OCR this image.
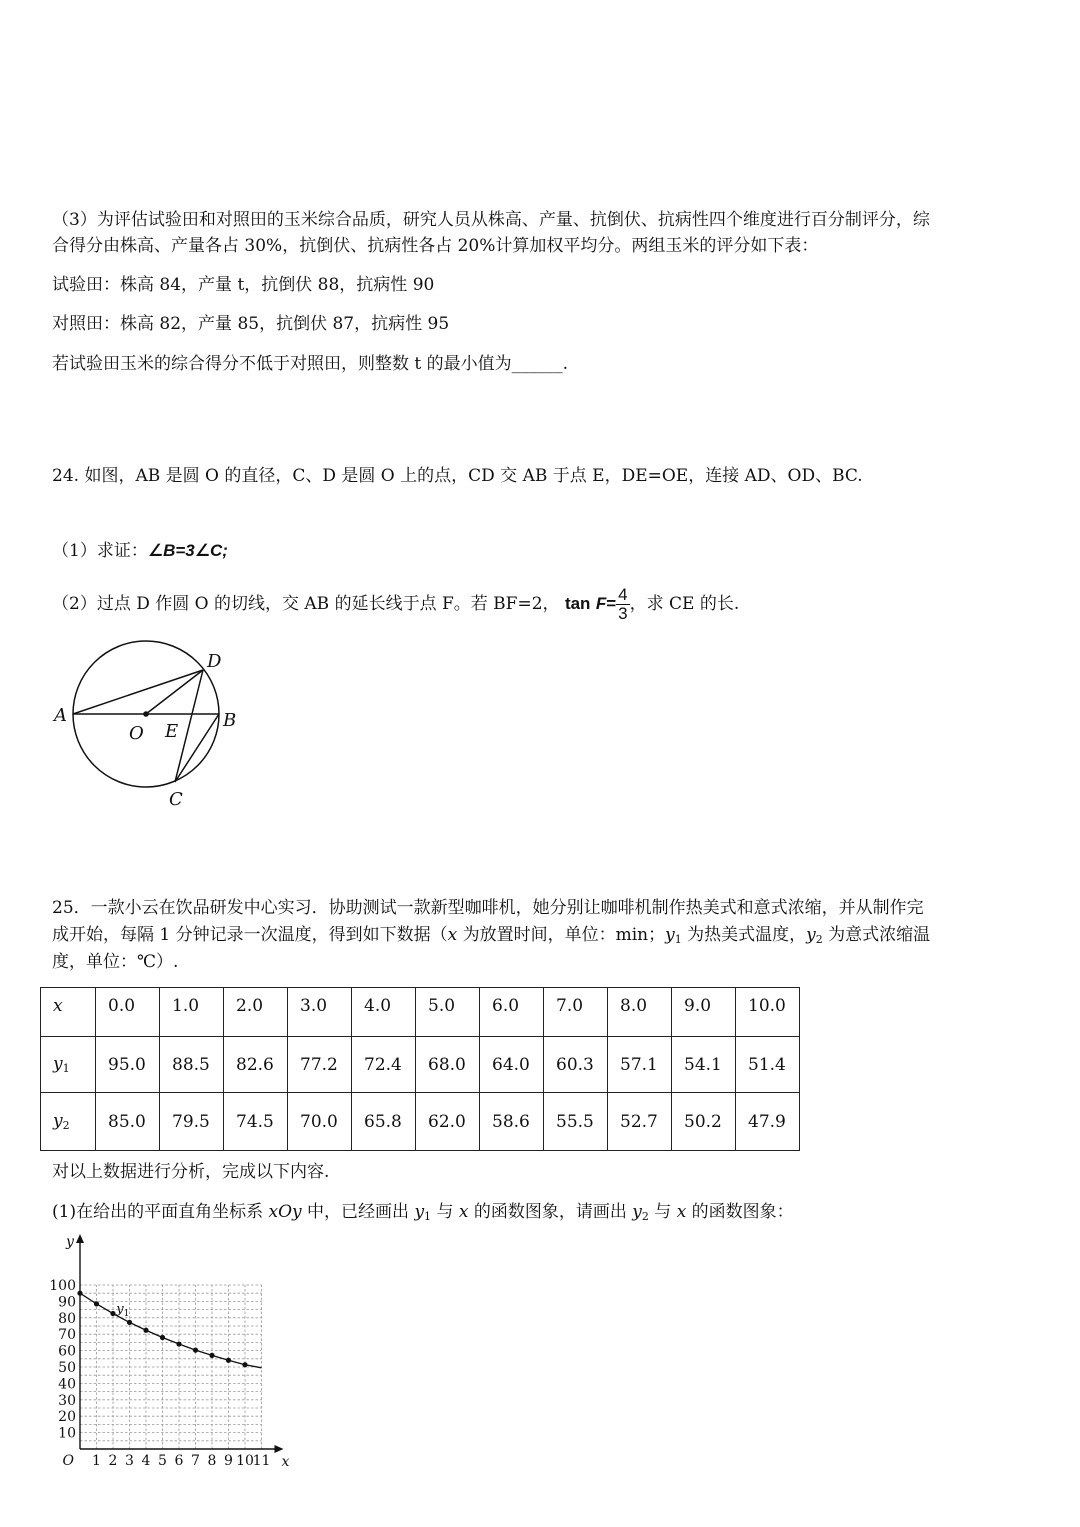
（3）为评估试验田和对照田的玉米综合品质，研究人员从株高、产量、抗倒伏、抗病性四个维度进行百分制评分，综
合得分由株高、产量各占 30%，抗倒伏、抗病性各占 20%计算加权平均分。两组玉米的评分如下表：
试验田：株高 84，产量 t，抗倒伏 88，抗病性 90
对照田：株高 82，产量 85，抗倒伏 87，抗病性 95
若试验田玉米的综合得分不低于对照田，则整数 t 的最小值为______.
24. 如图，AB 是圆 O 的直径，C、D 是圆 O 上的点，CD 交 AB 于点 E，DE=OE，连接 AD、OD、BC.
（1）求证：∠B=3∠C;
（2）过点 D 作圆 O 的切线，交 AB 的延长线于点 F。若 BF=2， $\tan F= \frac{4}{3}$ ，求 CE 的长.
A	B
C
D
O E
25．一款小云在饮品研发中心实习．协助测试一款新型咖啡机，她分别让咖啡机制作热美式和意式浓缩，并从制作完
成开始，每隔 1 分钟记录一次温度，得到如下数据（x 为放置时间，单位：min；$y_1$ 为热美式温度，$y_2$ 为意式浓缩温
度，单位：℃）.
x	0.0	1.0	2.0	3.0	4.0	5.0	6.0	7.0	8.0	9.0	10.0
$y_1$	95.0	88.5	82.6	77.2	72.4	68.0	64.0	60.3	57.1	54.1	51.4
$y_2$	85.0	79.5	74.5	70.0	65.8	62.0	58.6	55.5	52.7	50.2	47.9
对以上数据进行分析，完成以下内容.
(1)在给出的平面直角坐标系 xOy 中，已经画出 $y_1$ 与 x 的函数图象，请画出 $y_2$ 与 x 的函数图象：
1 2 3 4 5 6 7 8 9 10
11
10
20
30
40
50
60
70
80
90
100
O	x
y
$y_1$
